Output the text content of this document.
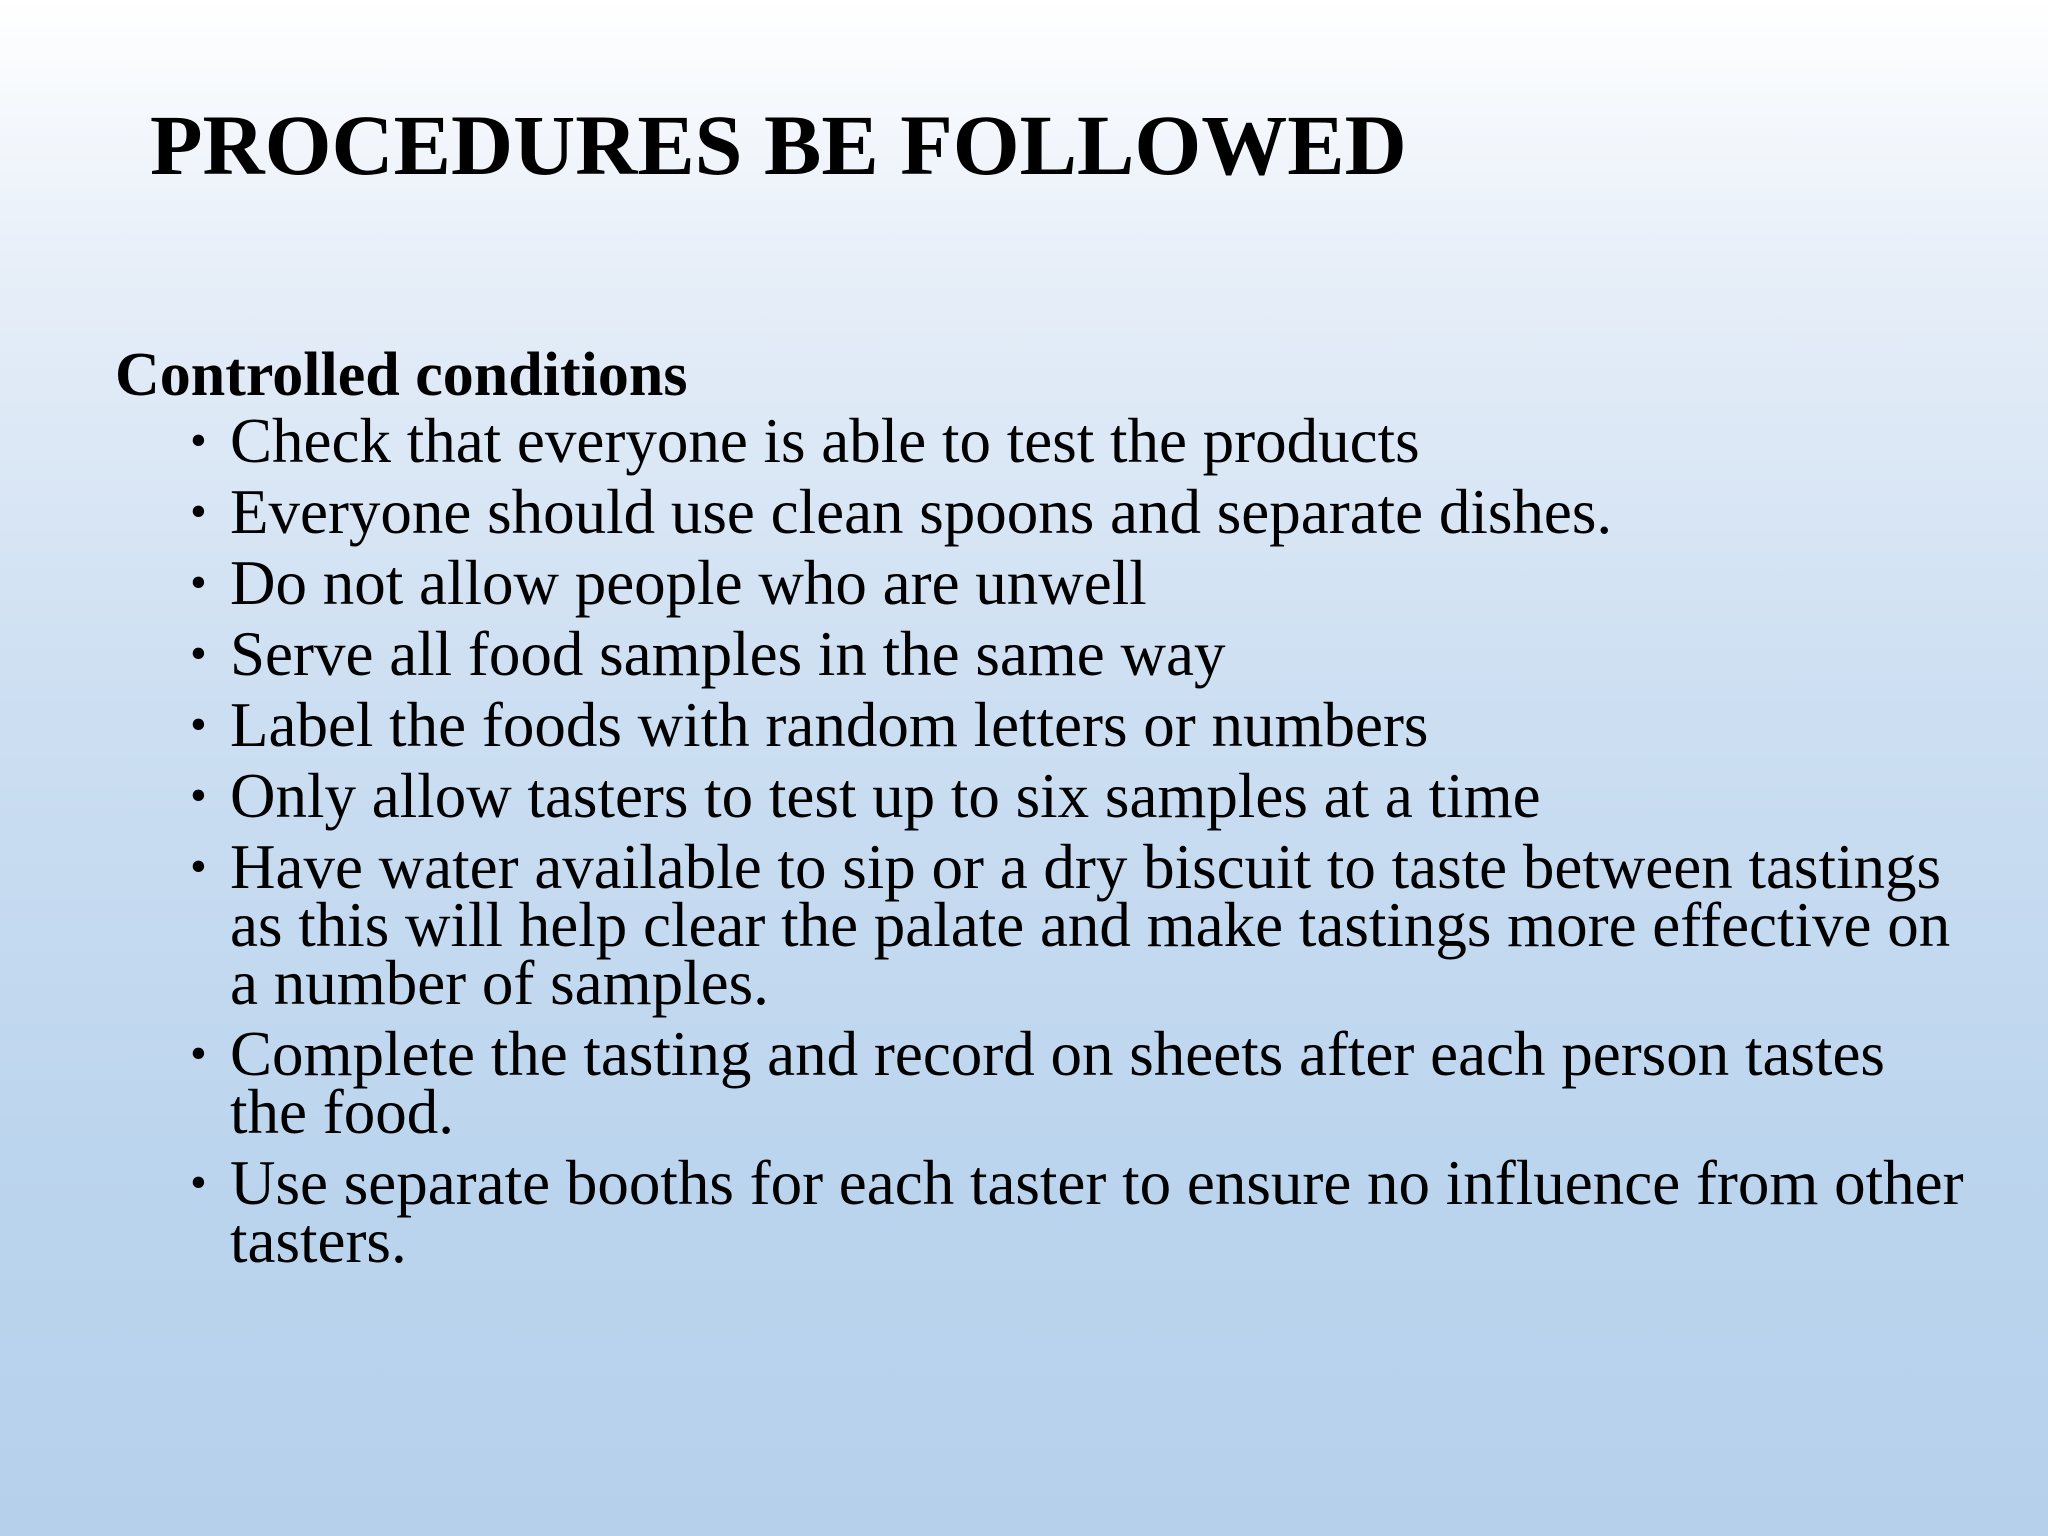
PROCEDURES BE FOLLOWED
Controlled conditions
• Check that everyone is able to test the products
• Everyone should use clean spoons and separate dishes.
• Do not allow people who are unwell
• Serve all food samples in the same way
• Label the foods with random letters or numbers
• Only allow tasters to test up to six samples at a time
• Have water available to sip or a dry biscuit to taste between tastings as this will help clear the palate and make tastings more effective on a number of samples.
• Complete the tasting and record on sheets after each person tastes the food.
• Use separate booths for each taster to ensure no influence from other tasters.
